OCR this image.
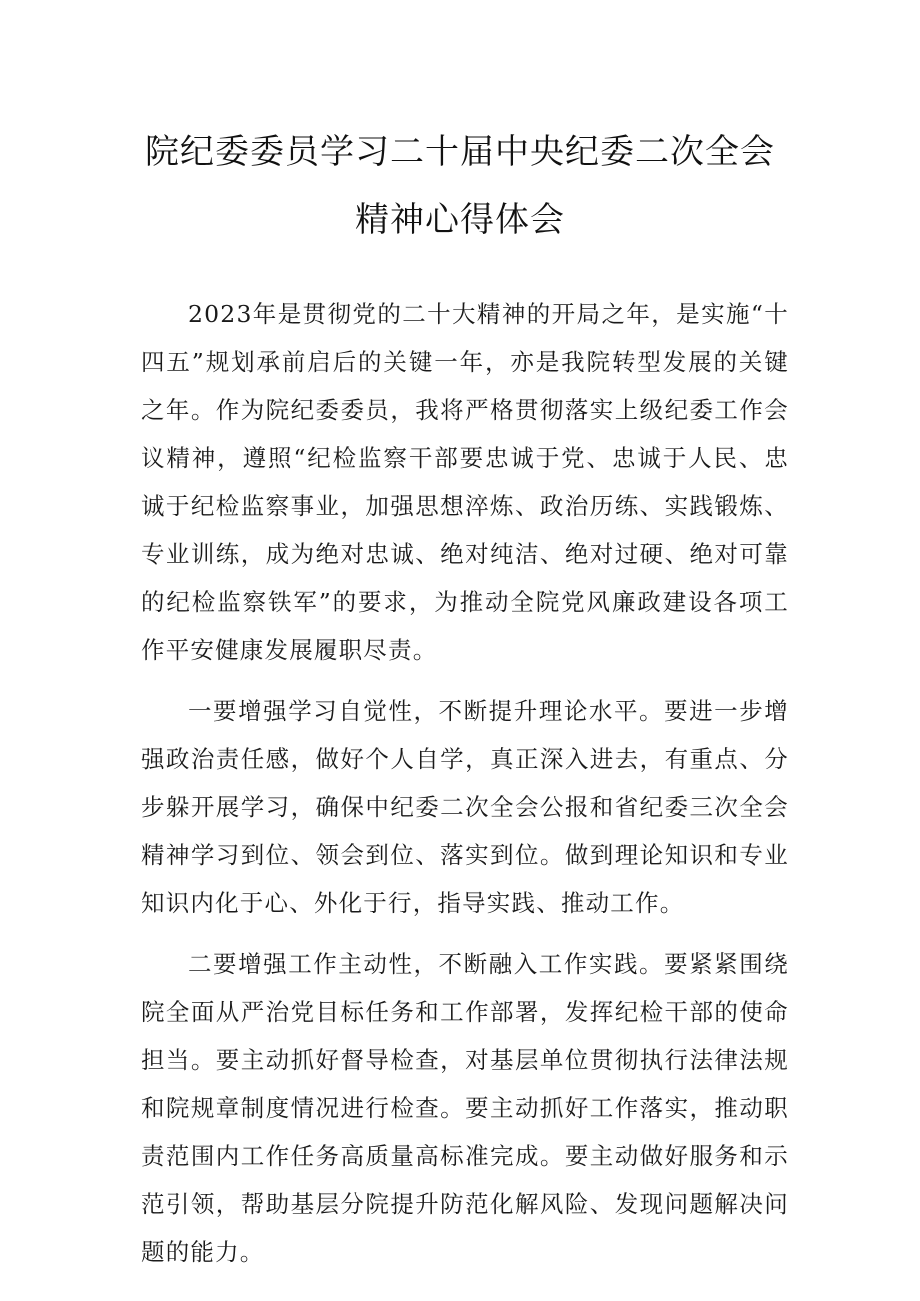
院纪委委员学习二十届中央纪委二次全会
精神心得体会

2023年是贯彻党的二十大精神的开局之年，是实施“十四五”规划承前启后的关键一年，亦是我院转型发展的关键之年。作为院纪委委员，我将严格贯彻落实上级纪委工作会议精神，遵照“纪检监察干部要忠诚于党、忠诚于人民、忠诚于纪检监察事业，加强思想淬炼、政治历练、实践锻炼、专业训练，成为绝对忠诚、绝对纯洁、绝对过硬、绝对可靠的纪检监察铁军”的要求，为推动全院党风廉政建设各项工作平安健康发展履职尽责。

一要增强学习自觉性，不断提升理论水平。要进一步增强政治责任感，做好个人自学，真正深入进去，有重点、分步躲开展学习，确保中纪委二次全会公报和省纪委三次全会精神学习到位、领会到位、落实到位。做到理论知识和专业知识内化于心、外化于行，指导实践、推动工作。

二要增强工作主动性，不断融入工作实践。要紧紧围绕院全面从严治党目标任务和工作部署，发挥纪检干部的使命担当。要主动抓好督导检查，对基层单位贯彻执行法律法规和院规章制度情况进行检查。要主动抓好工作落实，推动职责范围内工作任务高质量高标准完成。要主动做好服务和示范引领，帮助基层分院提升防范化解风险、发现问题解决问题的能力。
